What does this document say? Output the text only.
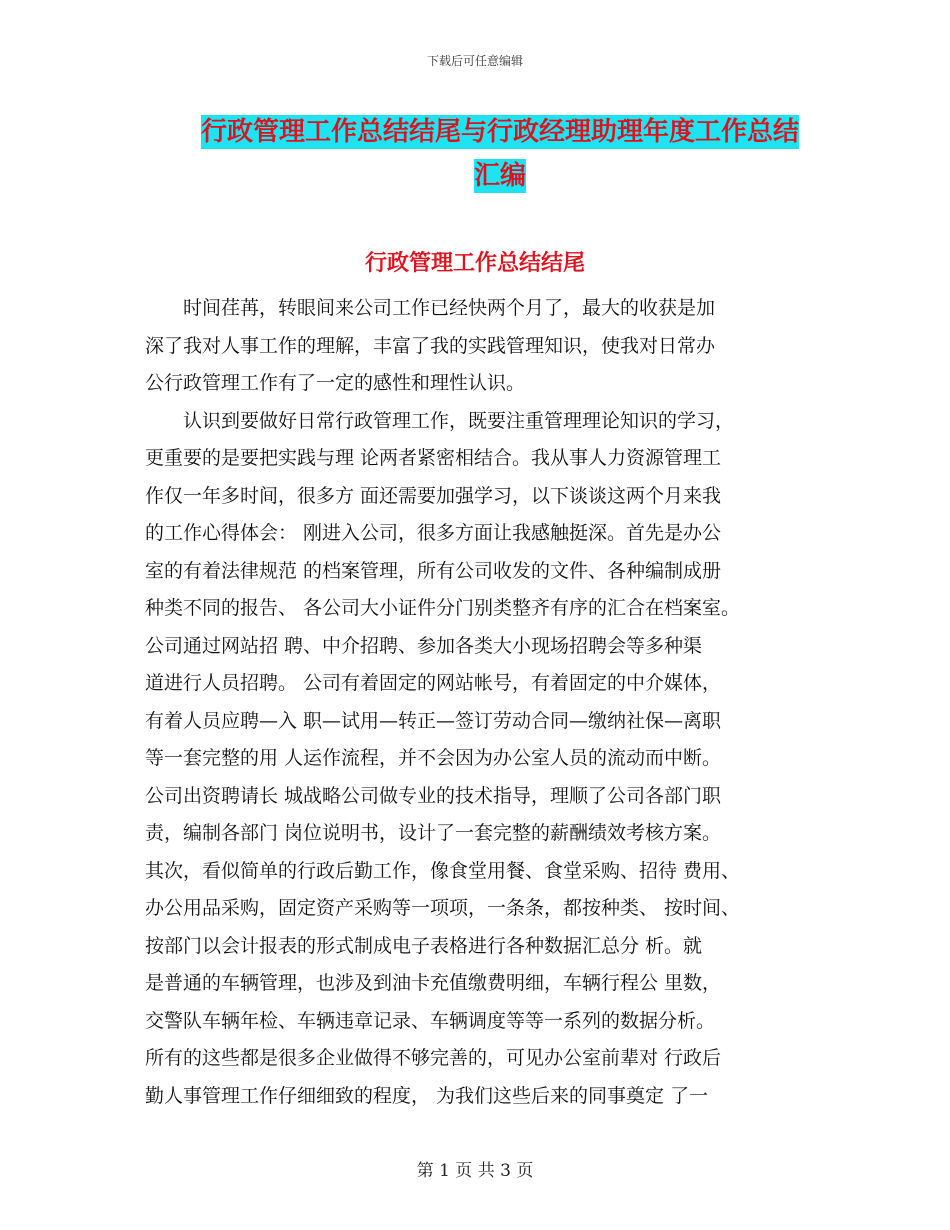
下载后可任意编辑
行政管理工作总结结尾与行政经理助理年度工作总结
汇编
行政管理工作总结结尾
时间荏苒，转眼间来公司工作已经快两个月了，最大的收获是加
深了我对人事工作的理解，丰富了我的实践管理知识，使我对日常办
公行政管理工作有了一定的感性和理性认识。
认识到要做好日常行政管理工作，既要注重管理理论知识的学习，
更重要的是要把实践与理 论两者紧密相结合。我从事人力资源管理工
作仅一年多时间，很多方 面还需要加强学习，以下谈谈这两个月来我
的工作心得体会： 刚进入公司，很多方面让我感触挺深。首先是办公
室的有着法律规范 的档案管理，所有公司收发的文件、各种编制成册
种类不同的报告、 各公司大小证件分门别类整齐有序的汇合在档案室。
公司通过网站招 聘、中介招聘、参加各类大小现场招聘会等多种渠
道进行人员招聘。 公司有着固定的网站帐号，有着固定的中介媒体，
有着人员应聘—入 职—试用—转正—签订劳动合同—缴纳社保—离职
等一套完整的用 人运作流程，并不会因为办公室人员的流动而中断。
公司出资聘请长 城战略公司做专业的技术指导，理顺了公司各部门职
责，编制各部门 岗位说明书，设计了一套完整的薪酬绩效考核方案。
其次，看似简单的行政后勤工作，像食堂用餐、食堂采购、招待 费用、
办公用品采购，固定资产采购等一项项，一条条，都按种类、 按时间、
按部门以会计报表的形式制成电子表格进行各种数据汇总分 析。就
是普通的车辆管理，也涉及到油卡充值缴费明细，车辆行程公 里数，
交警队车辆年检、车辆违章记录、车辆调度等等一系列的数据分析。
所有的这些都是很多企业做得不够完善的，可见办公室前辈对 行政后
勤人事管理工作仔细细致的程度， 为我们这些后来的同事奠定 了一
第 1 页 共 3 页
